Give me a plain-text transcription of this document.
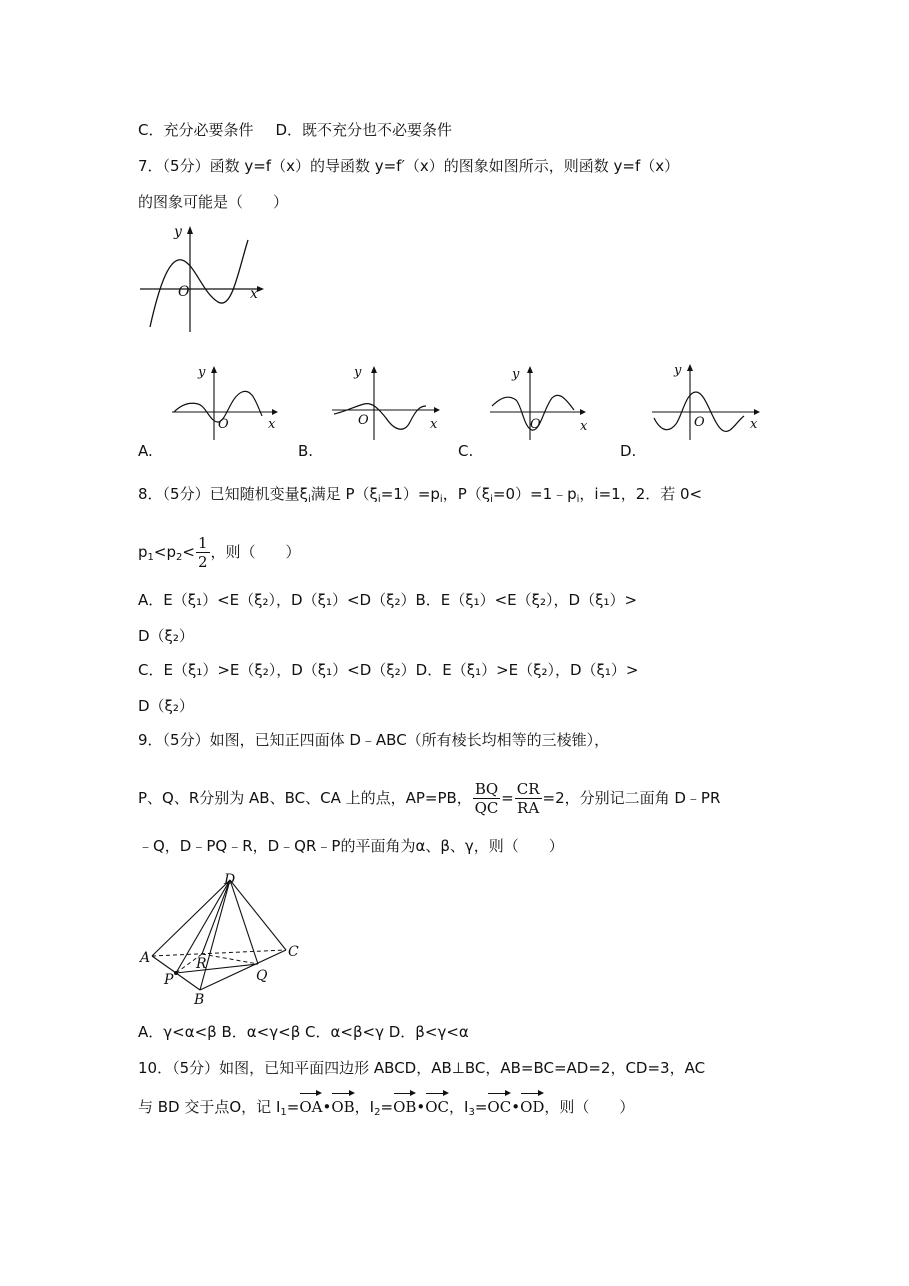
C．充分必要条件 D．既不充分也不必要条件
7．（5分）函数 y=f（x）的导函数 y=f′（x）的图象如图所示，则函数 y=f（x）
的图象可能是（　　）
y
x
O
y
x
O
y
x
O
y
x
O
y
x
O
A.	B.	C.	D.
8．（5分）已知随机变量$\xi_i$满足 $P(\xi_i=1)=p_i$，$P(\xi_i=0)=1﹣p_i$，i=1，2．若 0<
$p_1<p_2< \frac{1}{2}$ ，则（　　）
A．E（ξ₁）<E（ξ₂），D（ξ₁）<D（ξ₂）B．E（ξ₁）<E（ξ₂），D（ξ₁）>
D（ξ₂）
C．E（ξ₁）>E（ξ₂），D（ξ₁）<D（ξ₂）D．E（ξ₁）>E（ξ₂），D（ξ₁）>
D（ξ₂）
9．（5分）如图，已知正四面体 D﹣ABC（所有棱长均相等的三棱锥），
P、Q、R分别为 AB、BC、CA 上的点，AP=PB， $\frac{BQ}{QC} = \frac{CR}{RA} =2$，分别记二面角 D﹣PR
﹣Q，D﹣PQ﹣R，D﹣QR﹣P的平面角为α、β、γ，则（　　）
D
A	C
R
P	Q
B
A．γ<α<β B．α<γ<β C．α<β<γ D．β<γ<α
10．（5分）如图，已知平面四边形 ABCD，AB⊥BC，AB=BC=AD=2，CD=3，AC
与 BD 交于点O，记 $I_1=OA•OB$，$I_2=OB•OC$，$I_3=OC•OD$，则（　　）
